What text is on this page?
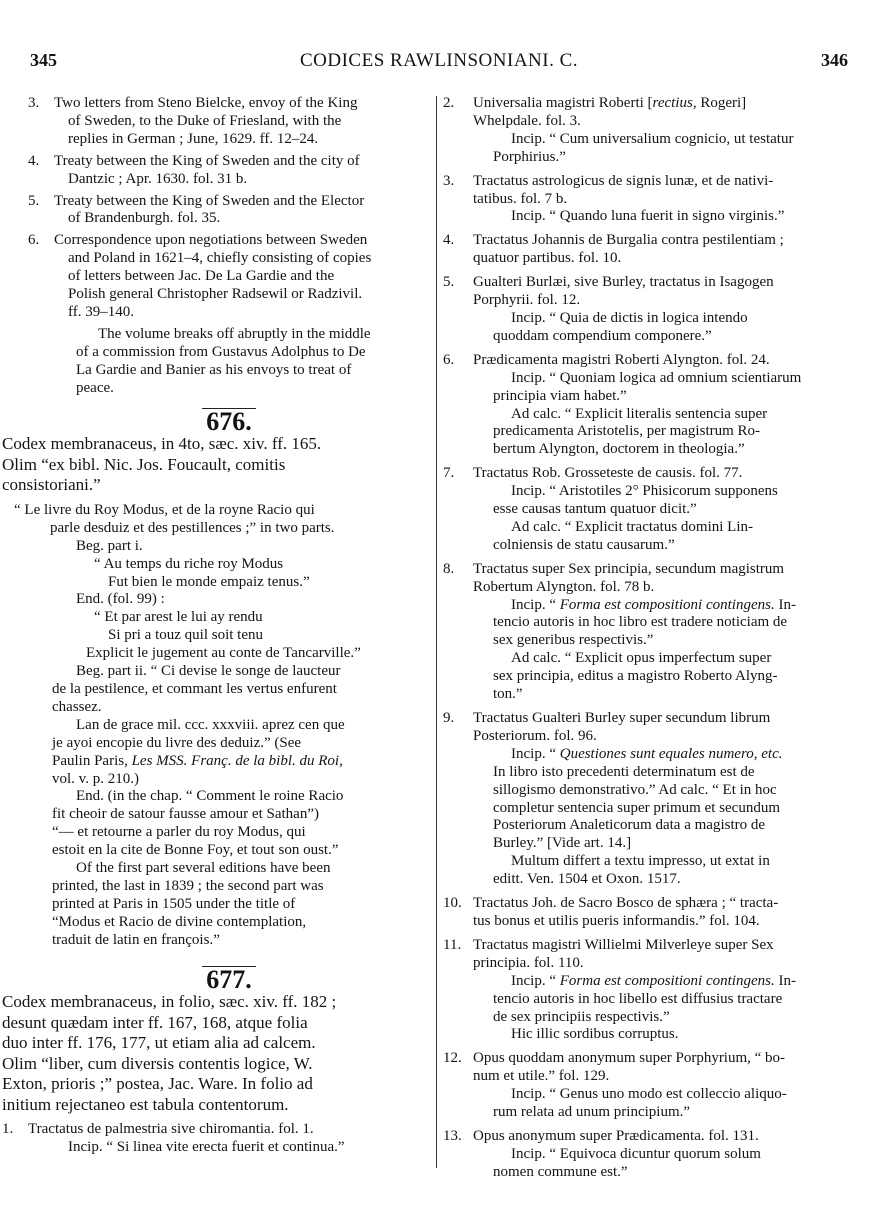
345	CODICES RAWLINSONIANI. C.	346
3. Two letters from Steno Bielcke, envoy of the King
of Sweden, to the Duke of Friesland, with the
replies in German ; June, 1629. ff. 12–24.
4. Treaty between the King of Sweden and the city of
Dantzic ; Apr. 1630. fol. 31 b.
5. Treaty between the King of Sweden and the Elector
of Brandenburgh. fol. 35.
6. Correspondence upon negotiations between Sweden
and Poland in 1621–4, chiefly consisting of copies
of letters between Jac. De La Gardie and the
Polish general Christopher Radsewil or Radzivil.
ff. 39–140.
The volume breaks off abruptly in the middle
of a commission from Gustavus Adolphus to De
La Gardie and Banier as his envoys to treat of
peace.
676.
Codex membranaceus, in 4to, sæc. xiv. ff. 165.
Olim “ex bibl. Nic. Jos. Foucault, comitis
consistoriani.”
“ Le livre du Roy Modus, et de la royne Racio qui
parle desduiz et des pestillences ;” in two parts.
Beg. part i.
“ Au temps du riche roy Modus
Fut bien le monde empaiz tenus.”
End. (fol. 99) :
“ Et par arest le lui ay rendu
Si pri a touz quil soit tenu
Explicit le jugement au conte de Tancarville.”
Beg. part ii. “ Ci devise le songe de laucteur
de la pestilence, et commant les vertus enfurent
chassez.
Lan de grace mil. ccc. xxxviii. aprez cen que
je ayoi encopie du livre des deduiz.” (See
Paulin Paris, Les MSS. Franç. de la bibl. du Roi,
vol. v. p. 210.)
End. (in the chap. “ Comment le roine Racio
fit cheoir de satour fausse amour et Sathan”)
“— et retourne a parler du roy Modus, qui
estoit en la cite de Bonne Foy, et tout son oust.”
Of the first part several editions have been
printed, the last in 1839 ; the second part was
printed at Paris in 1505 under the title of
“Modus et Racio de divine contemplation,
traduit de latin en françois.”
677.
Codex membranaceus, in folio, sæc. xiv. ff. 182 ;
desunt quædam inter ff. 167, 168, atque folia
duo inter ff. 176, 177, ut etiam alia ad calcem.
Olim “liber, cum diversis contentis logice, W.
Exton, prioris ;” postea, Jac. Ware. In folio ad
initium rejectaneo est tabula contentorum.
1. Tractatus de palmestria sive chiromantia. fol. 1.
Incip. “ Si linea vite erecta fuerit et continua.”
2.	Universalia magistri Roberti [rectius, Rogeri]
Whelpdale. fol. 3.
Incip. “ Cum universalium cognicio, ut testatur
Porphirius.”
3.	Tractatus astrologicus de signis lunæ, et de nativi-
tatibus. fol. 7 b.
Incip. “ Quando luna fuerit in signo virginis.”
4.	Tractatus Johannis de Burgalia contra pestilentiam ;
quatuor partibus. fol. 10.
5.	Gualteri Burlæi, sive Burley, tractatus in Isagogen
Porphyrii. fol. 12.
Incip. “ Quia de dictis in logica intendo
quoddam compendium componere.”
6.	Prædicamenta magistri Roberti Alyngton. fol. 24.
Incip. “ Quoniam logica ad omnium scientiarum
principia viam habet.”
Ad calc. “ Explicit literalis sentencia super
predicamenta Aristotelis, per magistrum Ro-
bertum Alyngton, doctorem in theologia.”
7.	Tractatus Rob. Grosseteste de causis. fol. 77.
Incip. “ Aristotiles 2° Phisicorum supponens
esse causas tantum quatuor dicit.”
Ad calc. “ Explicit tractatus domini Lin-
colniensis de statu causarum.”
8.	Tractatus super Sex principia, secundum magistrum
Robertum Alyngton. fol. 78 b.
Incip. “ Forma est compositioni contingens. In-
tencio autoris in hoc libro est tradere noticiam de
sex generibus respectivis.”
Ad calc. “ Explicit opus imperfectum super
sex principia, editus a magistro Roberto Alyng-
ton.”
9.	Tractatus Gualteri Burley super secundum librum
Posteriorum. fol. 96.
Incip. “ Questiones sunt equales numero, etc.
In libro isto precedenti determinatum est de
sillogismo demonstrativo.” Ad calc. “ Et in hoc
completur sentencia super primum et secundum
Posteriorum Analeticorum data a magistro de
Burley.” [Vide art. 14.]
Multum differt a textu impresso, ut extat in
editt. Ven. 1504 et Oxon. 1517.
10. Tractatus Joh. de Sacro Bosco de sphæra ; “ tracta-
tus bonus et utilis pueris informandis.” fol. 104.
11. Tractatus magistri Willielmi Milverleye super Sex
principia. fol. 110.
Incip. “ Forma est compositioni contingens. In-
tencio autoris in hoc libello est diffusius tractare
de sex principiis respectivis.”
Hic illic sordibus corruptus.
12. Opus quoddam anonymum super Porphyrium, “ bo-
num et utile.” fol. 129.
Incip. “ Genus uno modo est colleccio aliquo-
rum relata ad unum principium.”
13. Opus anonymum super Prædicamenta. fol. 131.
Incip. “ Equivoca dicuntur quorum solum
nomen commune est.”
